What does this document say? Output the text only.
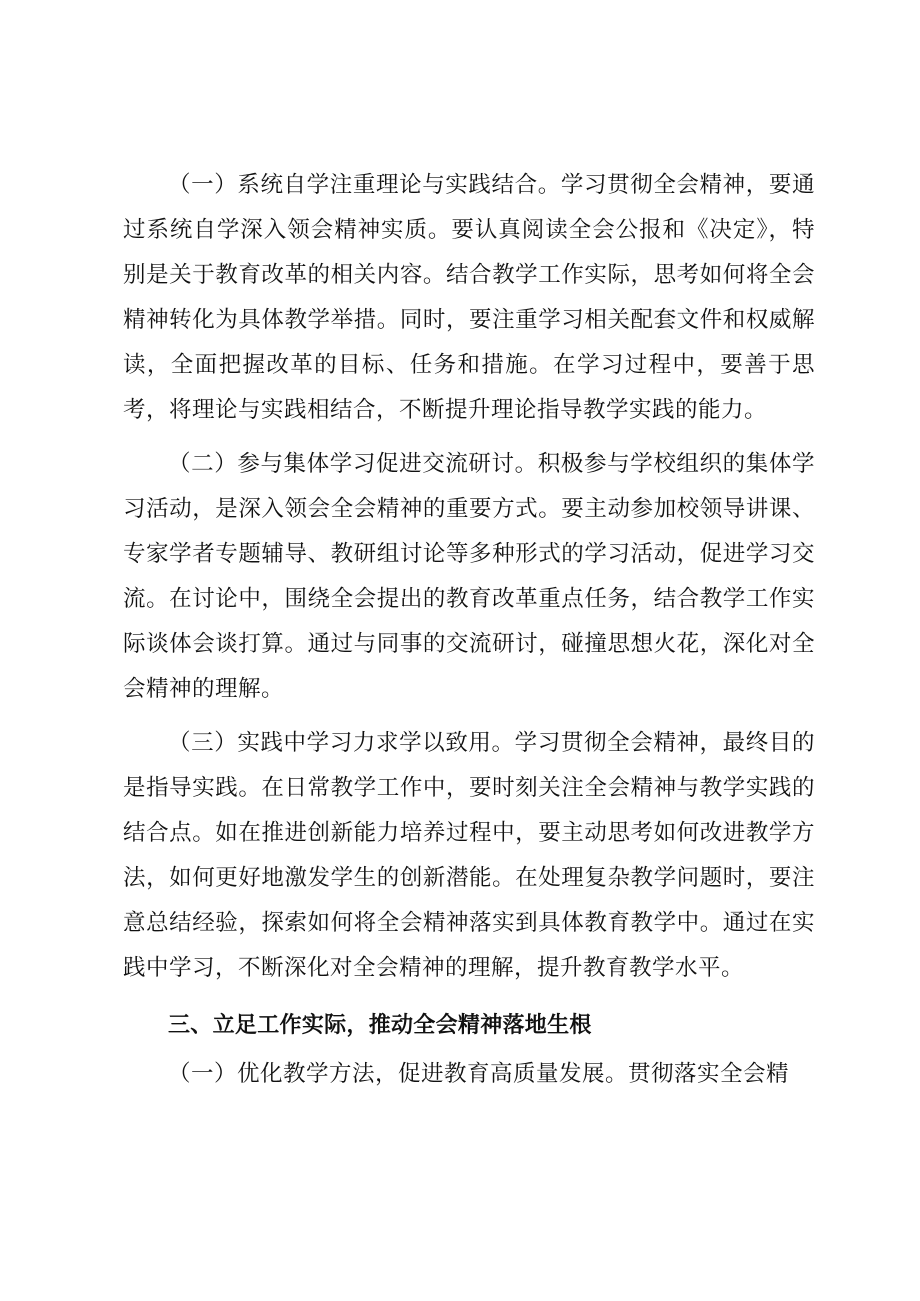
（一）系统自学注重理论与实践结合。学习贯彻全会精神，要通过系统自学深入领会精神实质。要认真阅读全会公报和《决定》，特别是关于教育改革的相关内容。结合教学工作实际，思考如何将全会精神转化为具体教学举措。同时，要注重学习相关配套文件和权威解读，全面把握改革的目标、任务和措施。在学习过程中，要善于思考，将理论与实践相结合，不断提升理论指导教学实践的能力。

（二）参与集体学习促进交流研讨。积极参与学校组织的集体学习活动，是深入领会全会精神的重要方式。要主动参加校领导讲课、专家学者专题辅导、教研组讨论等多种形式的学习活动，促进学习交流。在讨论中，围绕全会提出的教育改革重点任务，结合教学工作实际谈体会谈打算。通过与同事的交流研讨，碰撞思想火花，深化对全会精神的理解。

（三）实践中学习力求学以致用。学习贯彻全会精神，最终目的是指导实践。在日常教学工作中，要时刻关注全会精神与教学实践的结合点。如在推进创新能力培养过程中，要主动思考如何改进教学方法，如何更好地激发学生的创新潜能。在处理复杂教学问题时，要注意总结经验，探索如何将全会精神落实到具体教育教学中。通过在实践中学习，不断深化对全会精神的理解，提升教育教学水平。

三、立足工作实际，推动全会精神落地生根

（一）优化教学方法，促进教育高质量发展。贯彻落实全会精
